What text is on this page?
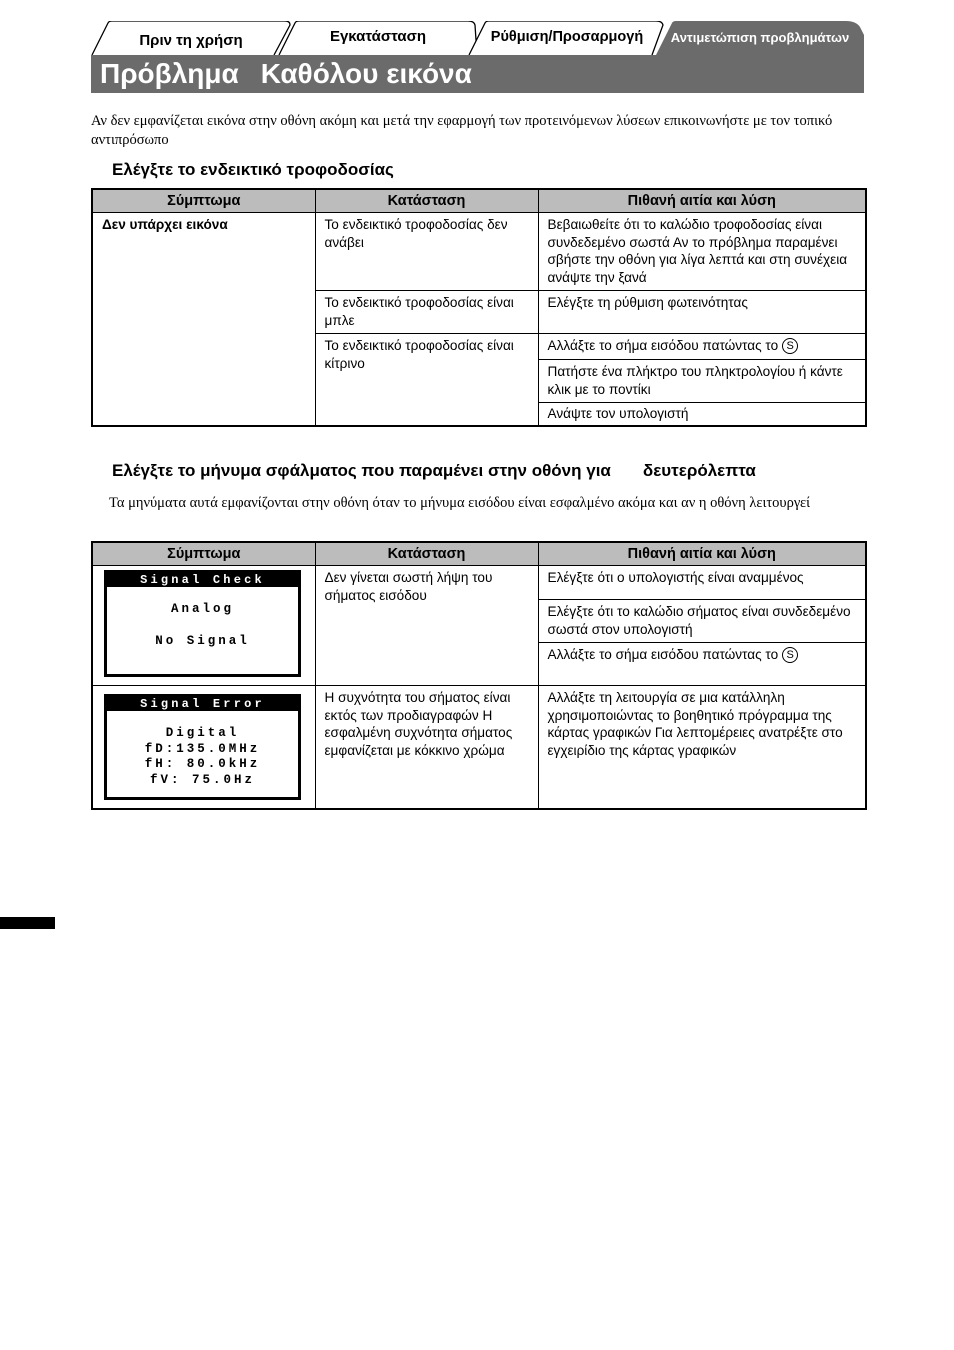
Πριν τη χρήση	Εγκατάσταση	Ρύθμιση/Προσαρμογή Αντιμετώπιση προβλημάτων
Πρόβλημα Καθόλου εικόνα
Αν δεν εμφανίζεται εικόνα στην οθόνη ακόμη και μετά την εφαρμογή των προτεινόμενων λύσεων επικοινωνήστε με τον τοπικό αντιπρόσωπο
Ελέγξτε το ενδεικτικό τροφοδοσίας
Σύμπτωμα	Κατάσταση	Πιθανή αιτία και λύση
Δεν υπάρχει εικόνα	Το ενδεικτικό τροφοδοσίας δεν ανάβει	Βεβαιωθείτε ότι το καλώδιο τροφοδοσίας είναι συνδεδεμένο σωστά Αν το πρόβλημα παραμένει σβήστε την οθόνη για λίγα λεπτά και στη συνέχεια ανάψτε την ξανά
	Το ενδεικτικό τροφοδοσίας είναι μπλε	Ελέγξτε τη ρύθμιση φωτεινότητας
	Το ενδεικτικό τροφοδοσίας είναι κίτρινο	Αλλάξτε το σήμα εισόδου πατώντας το S
		Πατήστε ένα πλήκτρο του πληκτρολογίου ή κάντε κλικ με το ποντίκι
		Ανάψτε τον υπολογιστή
Ελέγξτε το μήνυμα σφάλματος που παραμένει στην οθόνη για δευτερόλεπτα
Τα μηνύματα αυτά εμφανίζονται στην οθόνη όταν το μήνυμα εισόδου είναι εσφαλμένο ακόμα και αν η οθόνη λειτουργεί
Σύμπτωμα	Κατάσταση	Πιθανή αιτία και λύση

Signal Check
Analog
No Signal	Δεν γίνεται σωστή λήψη του σήματος εισόδου	Ελέγξτε ότι ο υπολογιστής είναι αναμμένος
		Ελέγξτε ότι το καλώδιο σήματος είναι συνδεδεμένο σωστά στον υπολογιστή
		Αλλάξτε το σήμα εισόδου πατώντας το S

Signal Error
Digital
fD:135.0MHz
fH: 80.0kHz
fV: 75.0Hz	Η συχνότητα του σήματος είναι εκτός των προδιαγραφών Η εσφαλμένη συχνότητα σήματος εμφανίζεται με κόκκινο χρώμα	Αλλάξτε τη λειτουργία σε μια κατάλληλη χρησιμοποιώντας το βοηθητικό πρόγραμμα της κάρτας γραφικών Για λεπτομέρειες ανατρέξτε στο εγχειρίδιο της κάρτας γραφικών
